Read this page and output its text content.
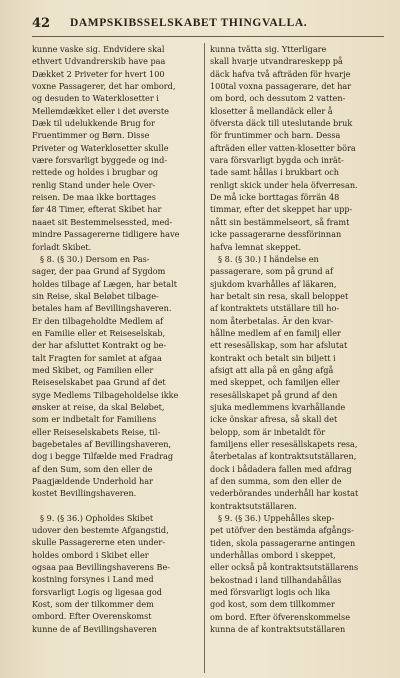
42 DAMPSKIBSSELSKABET THINGVALLA.
kunne vaske sig. Endvidere skal
ethvert Udvandrerskib have paa
Dækket 2 Priveter for hvert 100
voxne Passagerer, det har ombord,
og desuden to Waterklosetter i
Mellemdækket eller i det øverste
Dæk til udelukkende Brug for
Fruentimmer og Børn. Disse
Priveter og Waterklosetter skulle
være forsvarligt byggede og ind-
rettede og holdes i brugbar og
renlig Stand under hele Over-
reisen. De maa ikke borttages
før 48 Timer, efterat Skibet har
naaet sit Bestemmelsessted, med-
mindre Passagererne tidligere have
forladt Skibet.
§ 8. (§ 30.) Dersom en Pas-
sager, der paa Grund af Sygdom
holdes tilbage af Lægen, har betalt
sin Reise, skal Beløbet tilbage-
betales ham af Bevillingshaveren.
Er den tilbageholdte Medlem af
en Familie eller et Reiseselskab,
der har afsluttet Kontrakt og be-
talt Fragten for samlet at afgaa
med Skibet, og Familien eller
Reiseselskabet paa Grund af det
syge Medlems Tilbageholdelse ikke
ønsker at reise, da skal Beløbet,
som er indbetalt for Familiens
eller Reiseselskabets Reise, til-
bagebetales af Bevillingshaveren,
dog i begge Tilfælde med Fradrag
af den Sum, som den eller de
Paagjældende Underhold har
kostet Bevillingshaveren.
§ 9. (§ 36.) Opholdes Skibet
udover den bestemte Afgangstid,
skulle Passagererne eten under-
holdes ombord i Skibet eller
ogsaa paa Bevillingshaverens Be-
kostning forsynes i Land med
forsvarligt Logis og ligesaa god
Kost, som der tilkommer dem
ombord. Efter Overenskomst
kunne de af Bevillingshaveren
kunna tvätta sig. Ytterligare
skall hvarje utvandrareskepp på
däck hafva två afträden för hvarje
100tal voxna passagerare, det har
om bord, och dessutom 2 vatten-
klosetter å mellandäck eller å
öfversta däck till uteslutande bruk
för fruntimmer och barn. Dessa
afträden eller vatten-klosetter böra
vara försvarligt bygda och inrät-
tade samt hållas i brukbart och
renligt skick under hela öfverresan.
De må icke borttagas förrän 48
timmar, efter det skeppet har upp-
nått sin bestämmelseort, så framt
icke passagerarne dessförinnan
hafva lemnat skeppet.
§ 8. (§ 30.) I händelse en
passagerare, som på grund af
sjukdom kvarhålles af läkaren,
har betalt sin resa, skall beloppet
af kontraktets utställare till ho-
nom återbetalas. Är den kvar-
hållne medlem af en familj eller
ett resesällskap, som har afslutat
kontrakt och betalt sin biljett i
afsigt att alla på en gång afgå
med skeppet, och familjen eller
resesällskapet på grund af den
sjuka medlemmens kvarhållande
icke önskar afresa, så skall det
belopp, som är inbetaldt för
familjens eller resesällskapets resa,
återbetalas af kontraktsutställaren,
dock i bådadera fallen med afdrag
af den summa, som den eller de
vederbörandes underhåll har kostat
kontraktsutställaren.
§ 9. (§ 36.) Uppehålles skep-
pet utöfver den bestämda afgångs-
tiden, skola passagerarne antingen
underhållas ombord i skeppet,
eller också på kontraktsutställarens
bekostnad i land tillhandahållas
med försvarligt logis och lika
god kost, som dem tillkommer
om bord. Efter öfverenskommelse
kunna de af kontraktsutställaren
